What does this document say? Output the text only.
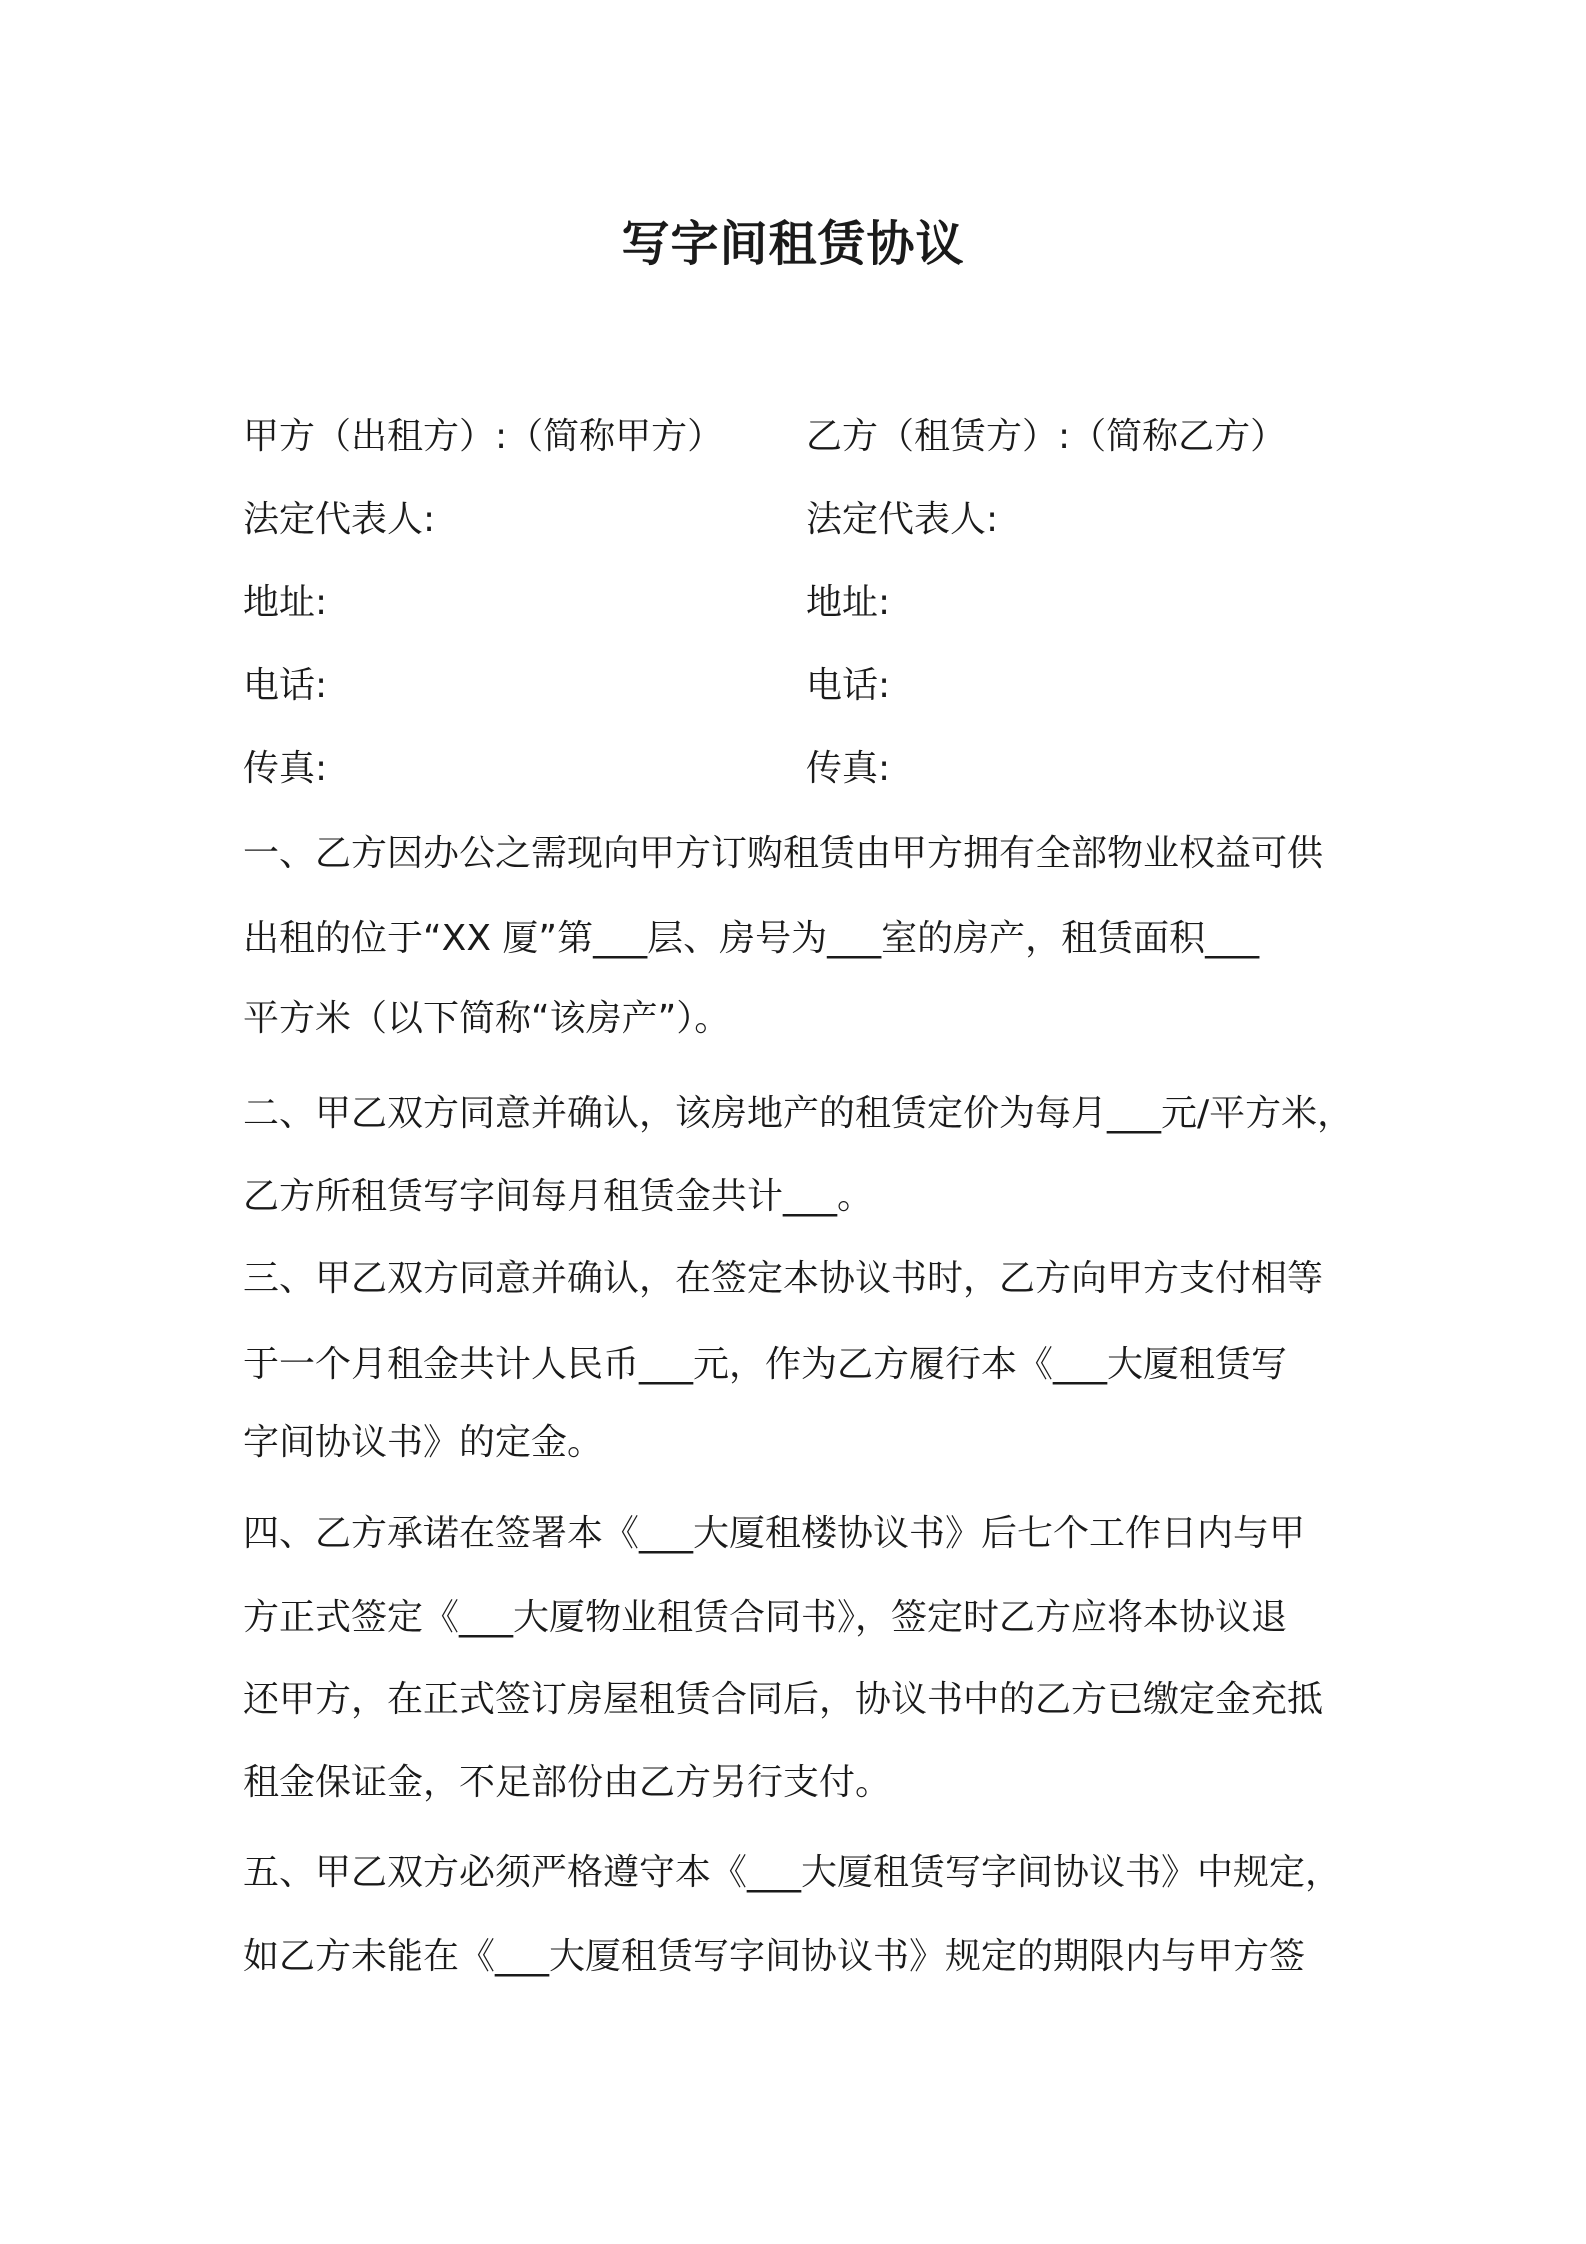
写字间租赁协议
甲方（出租方）:（简称甲方） 乙方（租赁方）:（简称乙方）
法定代表人:	法定代表人:
地址:	地址:
电话:	电话:
传真:	传真:
一、乙方因办公之需现向甲方订购租赁由甲方拥有全部物业权益可供
出租的位于“XX 厦”第___层、房号为___室的房产，租赁面积___
平方米（以下简称“该房产”）。
二、甲乙双方同意并确认，该房地产的租赁定价为每月___元/平方米，
乙方所租赁写字间每月租赁金共计___。
三、甲乙双方同意并确认，在签定本协议书时，乙方向甲方支付相等
于一个月租金共计人民币___元，作为乙方履行本《___大厦租赁写
字间协议书》的定金。
四、乙方承诺在签署本《___大厦租楼协议书》后七个工作日内与甲
方正式签定《___大厦物业租赁合同书》，签定时乙方应将本协议退
还甲方，在正式签订房屋租赁合同后，协议书中的乙方已缴定金充抵
租金保证金，不足部份由乙方另行支付。
五、甲乙双方必须严格遵守本《___大厦租赁写字间协议书》中规定，
如乙方未能在《___大厦租赁写字间协议书》规定的期限内与甲方签
